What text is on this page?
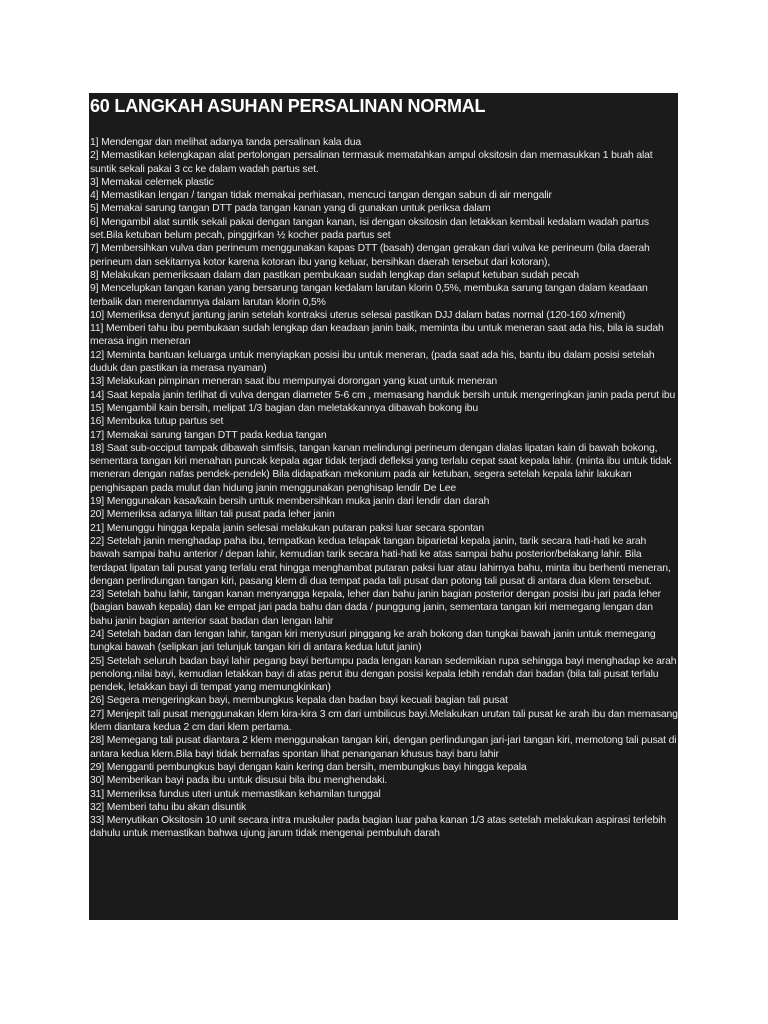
60 LANGKAH ASUHAN PERSALINAN NORMAL
1] Mendengar dan melihat adanya tanda persalinan kala dua
2] Memastikan kelengkapan alat pertolongan persalinan termasuk mematahkan ampul oksitosin dan memasukkan 1 buah alat suntik sekali pakai 3 cc ke dalam wadah partus set.
3] Memakai celemek plastic
4] Memastikan lengan / tangan tidak memakai perhiasan, mencuci tangan dengan sabun di air mengalir
5] Memakai sarung tangan DTT pada tangan kanan yang di gunakan untuk periksa dalam
6] Mengambil alat suntik sekali pakai dengan tangan kanan, isi dengan oksitosin dan letakkan kembali kedalam wadah partus set.Bila ketuban belum pecah, pinggirkan ½ kocher pada partus set
7] Membersihkan vulva dan perineum menggunakan kapas DTT (basah) dengan gerakan dari vulva ke perineum (bila daerah perineum dan sekitarnya kotor karena kotoran ibu yang keluar, bersihkan daerah tersebut dari kotoran),
8] Melakukan pemeriksaan dalam dan pastikan pembukaan sudah lengkap dan selaput ketuban sudah pecah
9] Mencelupkan tangan kanan yang bersarung tangan kedalam larutan klorin 0,5%, membuka sarung tangan dalam keadaan terbalik dan merendamnya dalam larutan klorin 0,5%
10] Memeriksa denyut jantung janin setelah kontraksi uterus selesai pastikan DJJ dalam batas normal (120-160 x/menit)
11] Memberi tahu ibu pembukaan sudah lengkap dan keadaan janin baik, meminta ibu untuk meneran saat ada his, bila ia sudah merasa ingin meneran
12] Meminta bantuan keluarga untuk menyiapkan posisi ibu untuk meneran, (pada saat ada his, bantu ibu dalam posisi setelah duduk dan pastikan ia merasa nyaman)
13] Melakukan pimpinan meneran saat ibu mempunyai dorongan yang kuat untuk meneran
14] Saat kepala janin terlihat di vulva dengan diameter 5-6 cm , memasang handuk bersih untuk mengeringkan janin pada perut ibu
15] Mengambil kain bersih, melipat 1/3 bagian dan meletakkannya dibawah bokong ibu
16] Membuka tutup partus set
17] Memakai sarung tangan DTT pada kedua tangan
18] Saat sub-occiput tampak dibawah simfisis, tangan kanan melindungi perineum dengan dialas lipatan kain di bawah bokong, sementara tangan kiri menahan puncak kepala agar tidak terjadi defleksi yang terlalu cepat saat kepala lahir. (minta ibu untuk tidak meneran dengan nafas pendek-pendek) Bila didapatkan mekonium pada air ketuban, segera setelah kepala lahir lakukan penghisapan pada mulut dan hidung janin menggunakan penghisap lendir De Lee
19] Menggunakan kasa/kain bersih untuk membersihkan muka janin dari lendir dan darah
20] Memeriksa adanya lilitan tali pusat pada leher janin
21] Menunggu hingga kepala janin selesai melakukan putaran paksi luar secara spontan
22] Setelah janin menghadap paha ibu, tempatkan kedua telapak tangan biparietal kepala janin, tarik secara hati-hati ke arah bawah sampai bahu anterior / depan lahir, kemudian tarik secara hati-hati ke atas sampai bahu posterior/belakang lahir. Bila terdapat lipatan tali pusat yang terlalu erat hingga menghambat putaran paksi luar atau lahirnya bahu, minta ibu berhenti meneran, dengan perlindungan tangan kiri, pasang klem di dua tempat pada tali pusat dan potong tali pusat di antara dua klem tersebut.
23] Setelah bahu lahir, tangan kanan menyangga kepala, leher dan bahu janin bagian posterior dengan posisi ibu jari pada leher (bagian bawah kepala) dan ke empat jari pada bahu dan dada / punggung janin, sementara tangan kiri memegang lengan dan bahu janin bagian anterior saat badan dan lengan lahir
24] Setelah badan dan lengan lahir, tangan kiri menyusuri pinggang ke arah bokong dan tungkai bawah janin untuk memegang tungkai bawah (selipkan jari telunjuk tangan kiri di antara kedua lutut janin)
25] Setelah seluruh badan bayi lahir pegang bayi bertumpu pada lengan kanan sedemikian rupa sehingga bayi menghadap ke arah penolong.nilai bayi, kemudian letakkan bayi di atas perut ibu dengan posisi kepala lebih rendah dari badan (bila tali pusat terlalu pendek, letakkan bayi di tempat yang memungkinkan)
26] Segera mengeringkan bayi, membungkus kepala dan badan bayi kecuali bagian tali pusat
27] Menjepit tali pusat menggunakan klem kira-kira 3 cm dari umbilicus bayi.Melakukan urutan tali pusat ke arah ibu dan memasang klem diantara kedua 2 cm dari klem pertama.
28] Memegang tali pusat diantara 2 klem menggunakan tangan kiri, dengan perlindungan jari-jari tangan kiri, memotong tali pusat di antara kedua klem.Bila bayi tidak bernafas spontan lihat penanganan khusus bayi baru lahir
29] Mengganti pembungkus bayi dengan kain kering dan bersih, membungkus bayi hingga kepala
30] Memberikan bayi pada ibu untuk disusui bila ibu menghendaki.
31] Memeriksa fundus uteri untuk memastikan kehamilan tunggal
32] Memberi tahu ibu akan disuntik
33] Menyutikan Oksitosin 10 unit secara intra muskuler pada bagian luar paha kanan 1/3 atas setelah melakukan aspirasi terlebih dahulu untuk memastikan bahwa ujung jarum tidak mengenai pembuluh darah
